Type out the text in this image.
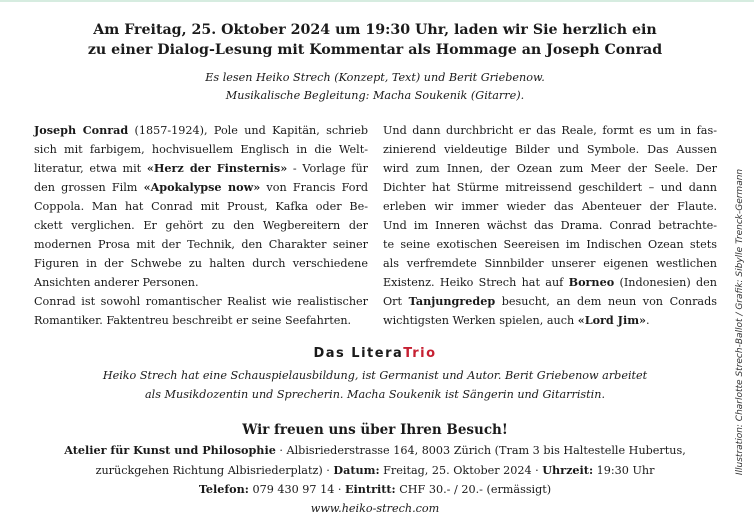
Am Freitag, 25. Oktober 2024 um 19:30 Uhr, laden wir Sie herzlich ein
zu einer Dialog-Lesung mit Kommentar als Hommage an Joseph Conrad
Es lesen Heiko Strech (Konzept, Text) und Berit Griebenow.
Musikalische Begleitung: Macha Soukenik (Gitarre).
Joseph Conrad (1857-1924), Pole und Kapitän, schrieb
sich mit farbigem, hochvisuellem Englisch in die Welt-
literatur, etwa mit «Herz der Finsternis» - Vorlage für
den grossen Film «Apokalypse now» von Francis Ford
Coppola. Man hat Conrad mit Proust, Kafka oder Be-
ckett verglichen. Er gehört zu den Wegbereitern der
modernen Prosa mit der Technik, den Charakter seiner
Figuren in der Schwebe zu halten durch verschiedene
Ansichten anderer Personen.
Conrad ist sowohl romantischer Realist wie realistischer
Romantiker. Faktentreu beschreibt er seine Seefahrten.
Und dann durchbricht er das Reale, formt es um in fas-
zinierend vieldeutige Bilder und Symbole. Das Aussen
wird zum Innen, der Ozean zum Meer der Seele. Der
Dichter hat Stürme mitreissend geschildert – und dann
erleben wir immer wieder das Abenteuer der Flaute.
Und im Inneren wächst das Drama. Conrad betrachte-
te seine exotischen Seereisen im Indischen Ozean stets
als verfremdete Sinnbilder unserer eigenen westlichen
Existenz. Heiko Strech hat auf Borneo (Indonesien) den
Ort Tanjungredep besucht, an dem neun von Conrads
wichtigsten Werken spielen, auch «Lord Jim».
Das LiteraTrio
Heiko Strech hat eine Schauspielausbildung, ist Germanist und Autor. Berit Griebenow arbeitet
als Musikdozentin und Sprecherin. Macha Soukenik ist Sängerin und Gitarristin.
Wir freuen uns über Ihren Besuch!
Atelier für Kunst und Philosophie · Albisriederstrasse 164, 8003 Zürich (Tram 3 bis Haltestelle Hubertus,
zurückgehen Richtung Albisriederplatz) · Datum: Freitag, 25. Oktober 2024 · Uhrzeit: 19:30 Uhr
Telefon: 079 430 97 14 · Eintritt: CHF 30.- / 20.- (ermässigt)
www.heiko-strech.com
Illustration: Charlotte Strech-Ballot / Grafik: Sibylle Trenck-Germann
